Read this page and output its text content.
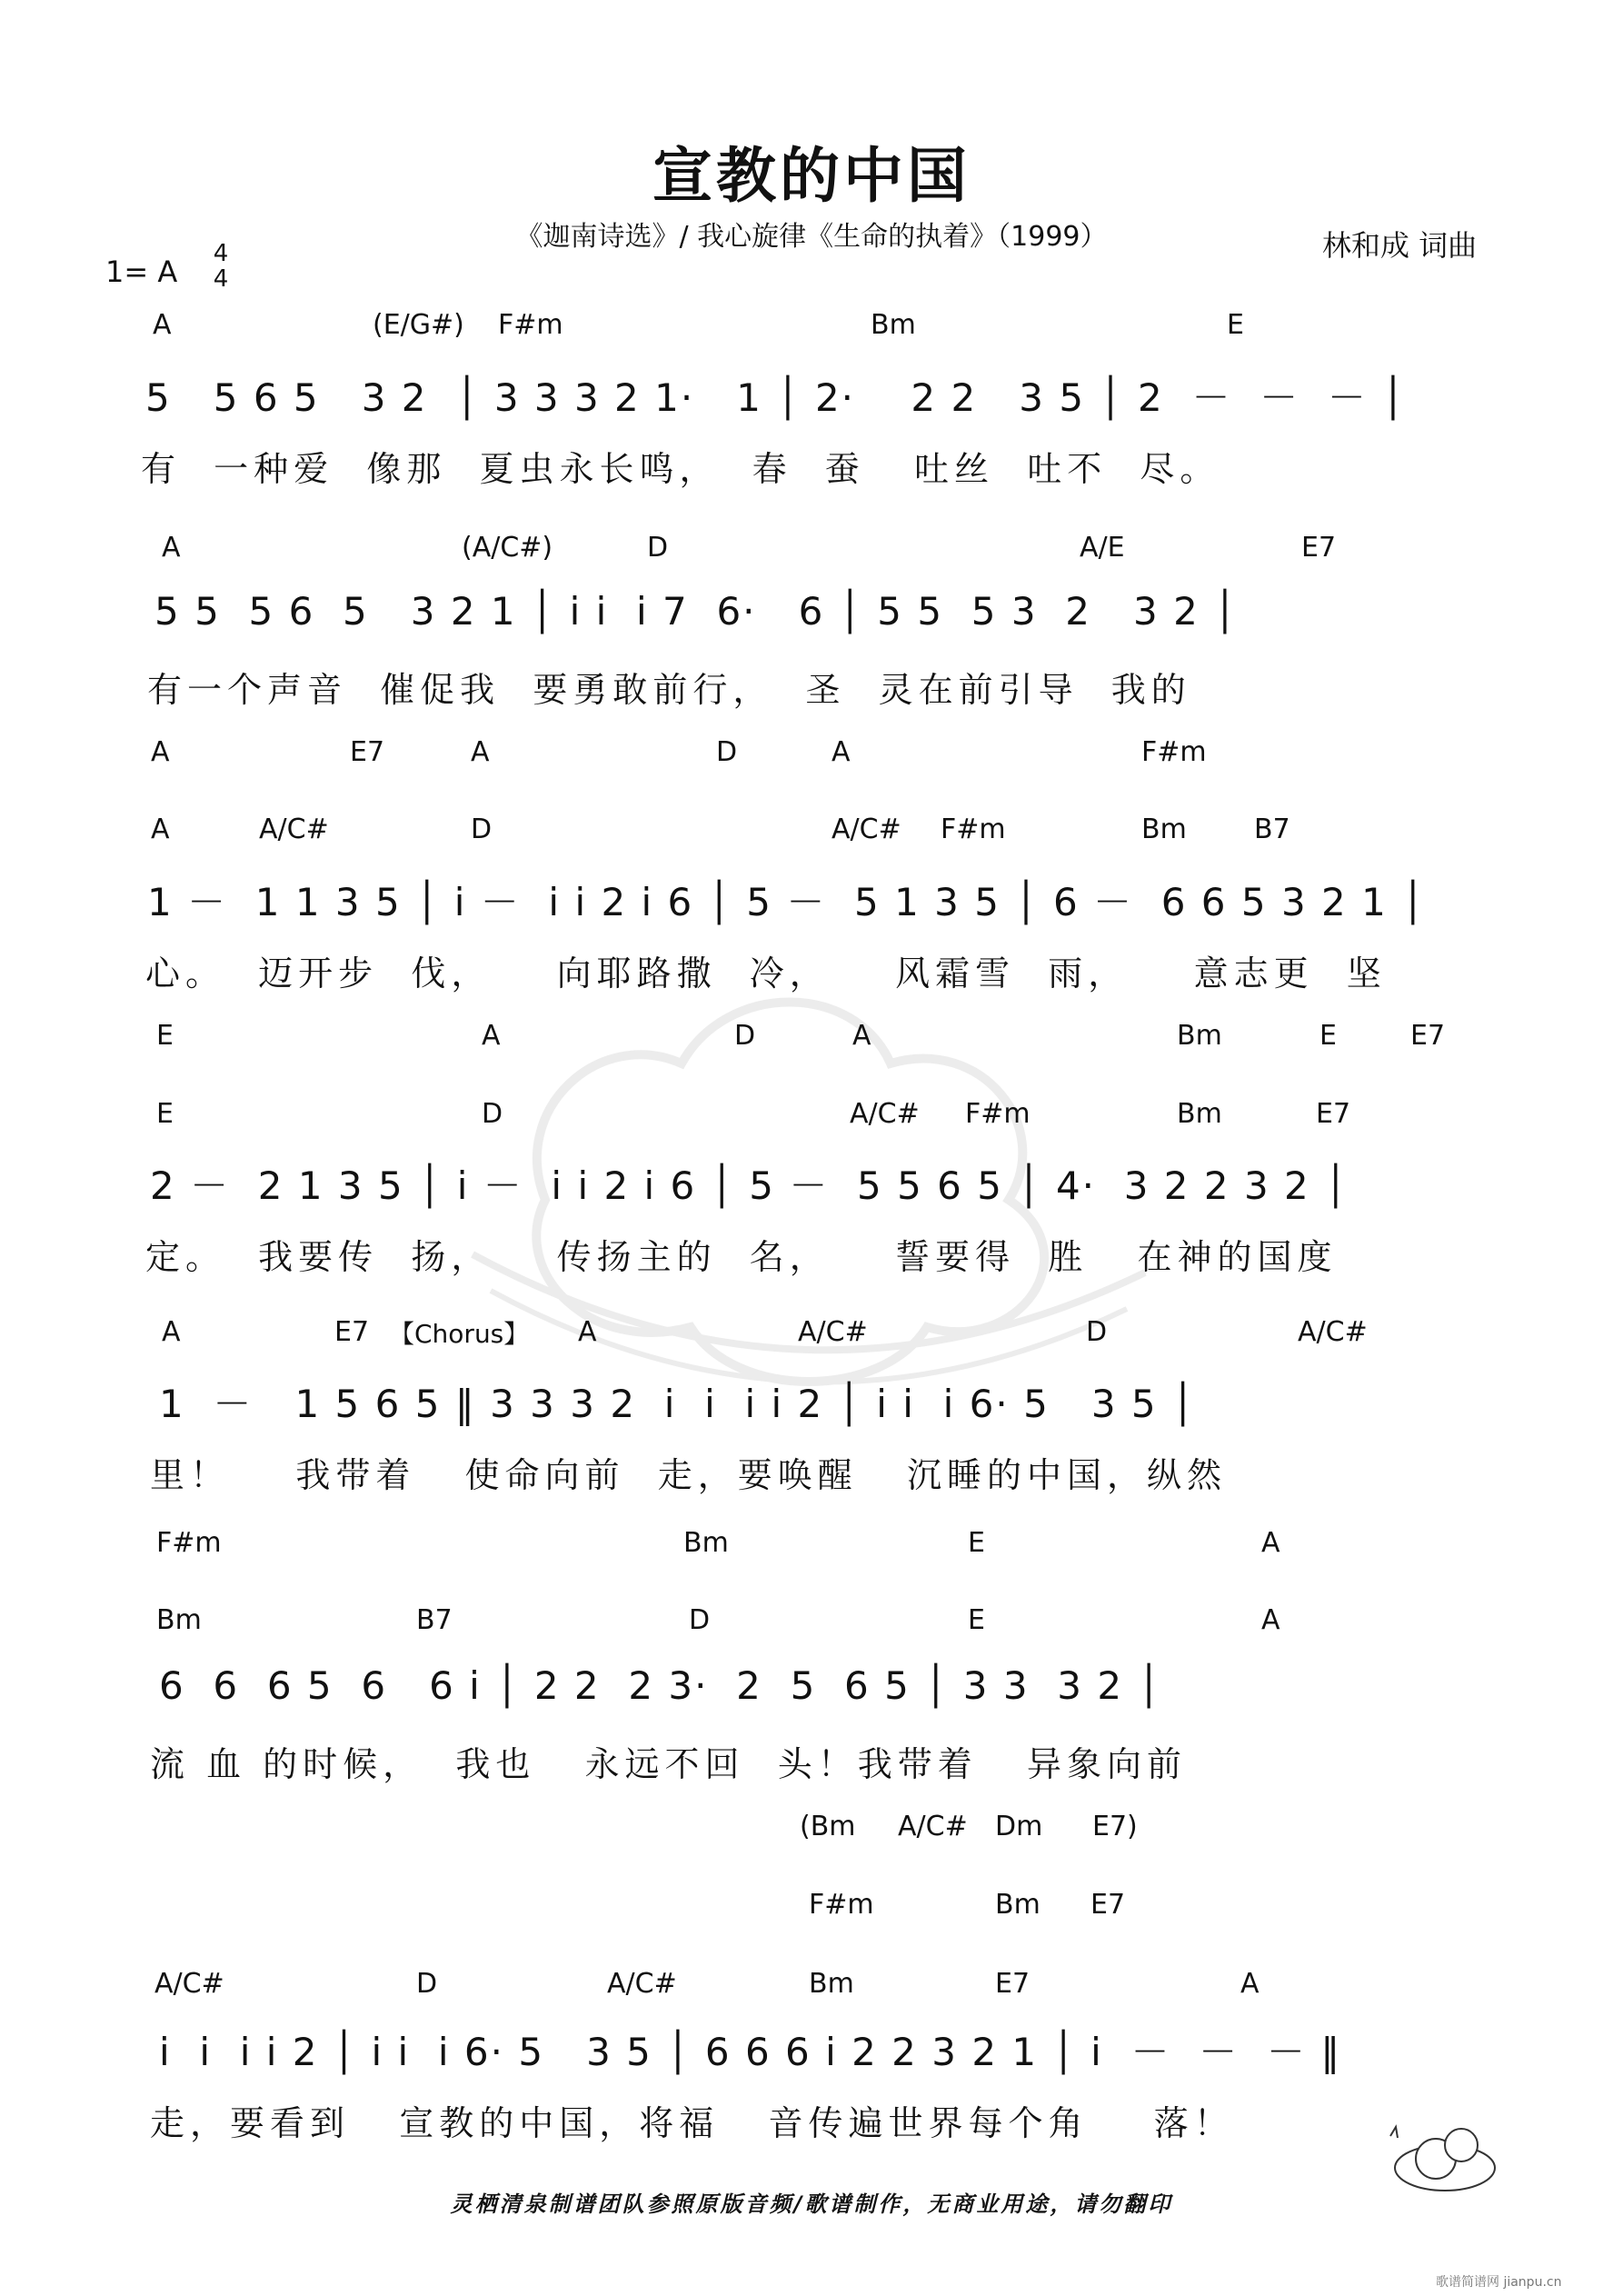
宣教的中国
《迦南诗选》/ 我心旋律《生命的执着》（1999）	林和成 词曲
1= A
4
4
A	(E/G#) F#m	Bm	E
5   5 6 5   3 2  │ 3 3 3 2 1·   1 │ 2·    2 2   3 5 │ 2  －  －  － │
有  一种爱  像那  夏虫永长鸣，  春  蚕   吐丝  吐不  尽。
A	(A/C#)	D	A/E	E7
5 5  5 6  5   3 2 1 │ i i  i 7  6·   6 │ 5 5  5 3  2   3 2 │
有一个声音  催促我  要勇敢前行，  圣  灵在前引导  我的
A	E7	A	D	A	F#m
A	A/C#	D	A/C# F#m	Bm B7
1 －  1 1 3 5 │ i －  i i 2 i 6 │ 5 －  5 1 3 5 │ 6 －  6 6 5 3 2 1 │
心。  迈开步  伐，    向耶路撒  冷，    风霜雪  雨，    意志更  坚
E	A	D	A	Bm	E	E7
E	D	A/C# F#m	Bm	E7
2 －  2 1 3 5 │ i －  i i 2 i 6 │ 5 －  5 5 6 5 │ 4·  3 2 2 3 2 │
定。  我要传  扬，    传扬主的  名，    誓要得  胜   在神的国度
A	E7 【Chorus】 A	A/C#	D	A/C#
1  －   1 5 6 5 ‖ 3 3 3 2  i  i  i i 2 │ i i  i 6· 5   3 5 │
里！    我带着   使命向前  走，要唤醒   沉睡的中国，纵然
F#m	Bm	E	A
Bm	B7	D	E	A
6  6  6 5  6   6 i │ 2 2  2 3·  2  5  6 5 │ 3 3  3 2 │
流 血 的时候，  我也   永远不回  头！我带着   异象向前
(Bm A/C# Dm E7)
F#m	Bm E7
A/C#	D	A/C#	Bm	E7	A
i  i  i i 2 │ i i  i 6· 5   3 5 │ 6 6 6 i 2 2 3 2 1 │ i  －  －  － ‖
走，要看到   宣教的中国，将福   音传遍世界每个角    落！
灵栖清泉制谱团队参照原版音频/歌谱制作，无商业用途，请勿翻印
歌谱简谱网 jianpu.cn
